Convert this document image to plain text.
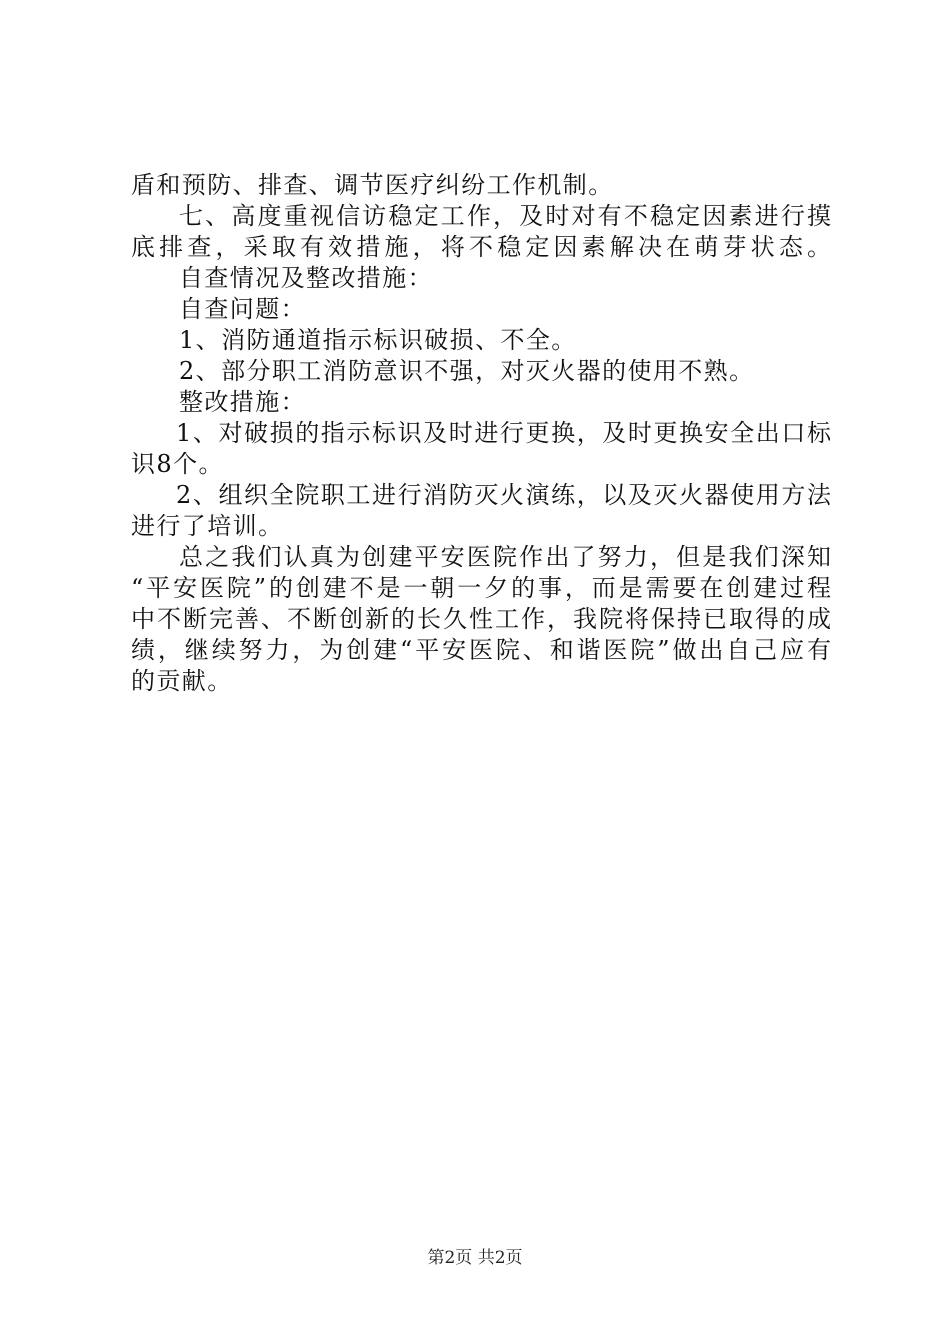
盾和预防、排查、调节医疗纠纷工作机制。
七、高度重视信访稳定工作，及时对有不稳定因素进行摸
底排查，采取有效措施，将不稳定因素解决在萌芽状态。
自查情况及整改措施：
自查问题：
1、消防通道指示标识破损、不全。
2、部分职工消防意识不强，对灭火器的使用不熟。
整改措施：
1、对破损的指示标识及时进行更换，及时更换安全出口标
识8个。
2、组织全院职工进行消防灭火演练，以及灭火器使用方法
进行了培训。
总之我们认真为创建平安医院作出了努力，但是我们深知
“平安医院”的创建不是一朝一夕的事，而是需要在创建过程
中不断完善、不断创新的长久性工作，我院将保持已取得的成
绩，继续努力，为创建“平安医院、和谐医院”做出自己应有
的贡献。
第2页 共2页
